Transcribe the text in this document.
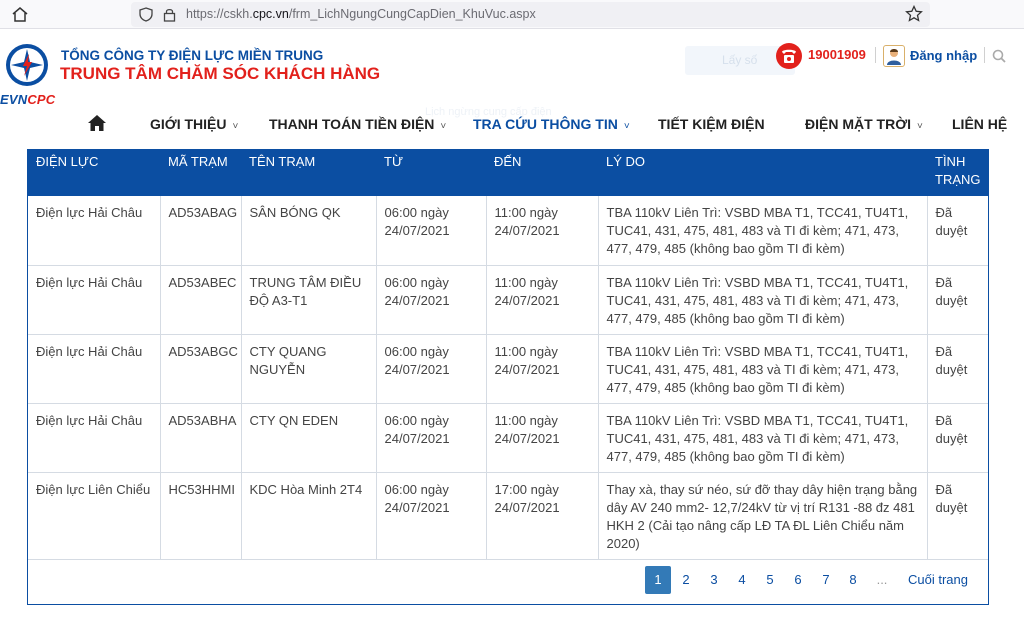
https://cskh.cpc.vn/frm_LichNgungCungCapDien_KhuVuc.aspx
EVNCPC
TỔNG CÔNG TY ĐIỆN LỰC MIỀN TRUNG
TRUNG TÂM CHĂM SÓC KHÁCH HÀNG
Lấy số	19001909	Đăng nhập
Lịch ngừng cung cấp điện
GIỚI THIỆU ˅ THANH TOÁN TIỀN ĐIỆN ˅ TRA CỨU THÔNG TIN ˅ TIẾT KIỆM ĐIỆN	ĐIỆN MẶT TRỜI ˅ LIÊN HỆ
ĐIỆN LỰC	MÃ TRẠM	TÊN TRẠM	TỪ	ĐẾN	LÝ DO	TÌNH TRẠNG
Điện lực Hải Châu	AD53ABAG	SÂN BÓNG QK	06:00 ngày 24/07/2021	11:00 ngày 24/07/2021	TBA 110kV Liên Trì: VSBD MBA T1, TCC41, TU4T1, TUC41, 431, 475, 481, 483 và TI đi kèm; 471, 473, 477, 479, 485 (không bao gồm TI đi kèm)	Đã duyệt
Điện lực Hải Châu	AD53ABEC	TRUNG TÂM ĐIỀU ĐỘ A3-T1	06:00 ngày 24/07/2021	11:00 ngày 24/07/2021	TBA 110kV Liên Trì: VSBD MBA T1, TCC41, TU4T1, TUC41, 431, 475, 481, 483 và TI đi kèm; 471, 473, 477, 479, 485 (không bao gồm TI đi kèm)	Đã duyệt
Điện lực Hải Châu	AD53ABGC	CTY QUANG NGUYỄN	06:00 ngày 24/07/2021	11:00 ngày 24/07/2021	TBA 110kV Liên Trì: VSBD MBA T1, TCC41, TU4T1, TUC41, 431, 475, 481, 483 và TI đi kèm; 471, 473, 477, 479, 485 (không bao gồm TI đi kèm)	Đã duyệt
Điện lực Hải Châu	AD53ABHA	CTY QN EDEN	06:00 ngày 24/07/2021	11:00 ngày 24/07/2021	TBA 110kV Liên Trì: VSBD MBA T1, TCC41, TU4T1, TUC41, 431, 475, 481, 483 và TI đi kèm; 471, 473, 477, 479, 485 (không bao gồm TI đi kèm)	Đã duyệt
Điện lực Liên Chiểu	HC53HHMI	KDC Hòa Minh 2T4	06:00 ngày 24/07/2021	17:00 ngày 24/07/2021	Thay xà, thay sứ néo, sứ đỡ thay dây hiện trạng bằng dây AV 240 mm2- 12,7/24kV từ vị trí R131 -88 đz 481 HKH 2 (Cải tạo nâng cấp LĐ TA ĐL Liên Chiểu năm 2020)	Đã duyệt
1	2	3	4	5	6	7	8	...	Cuối trang
